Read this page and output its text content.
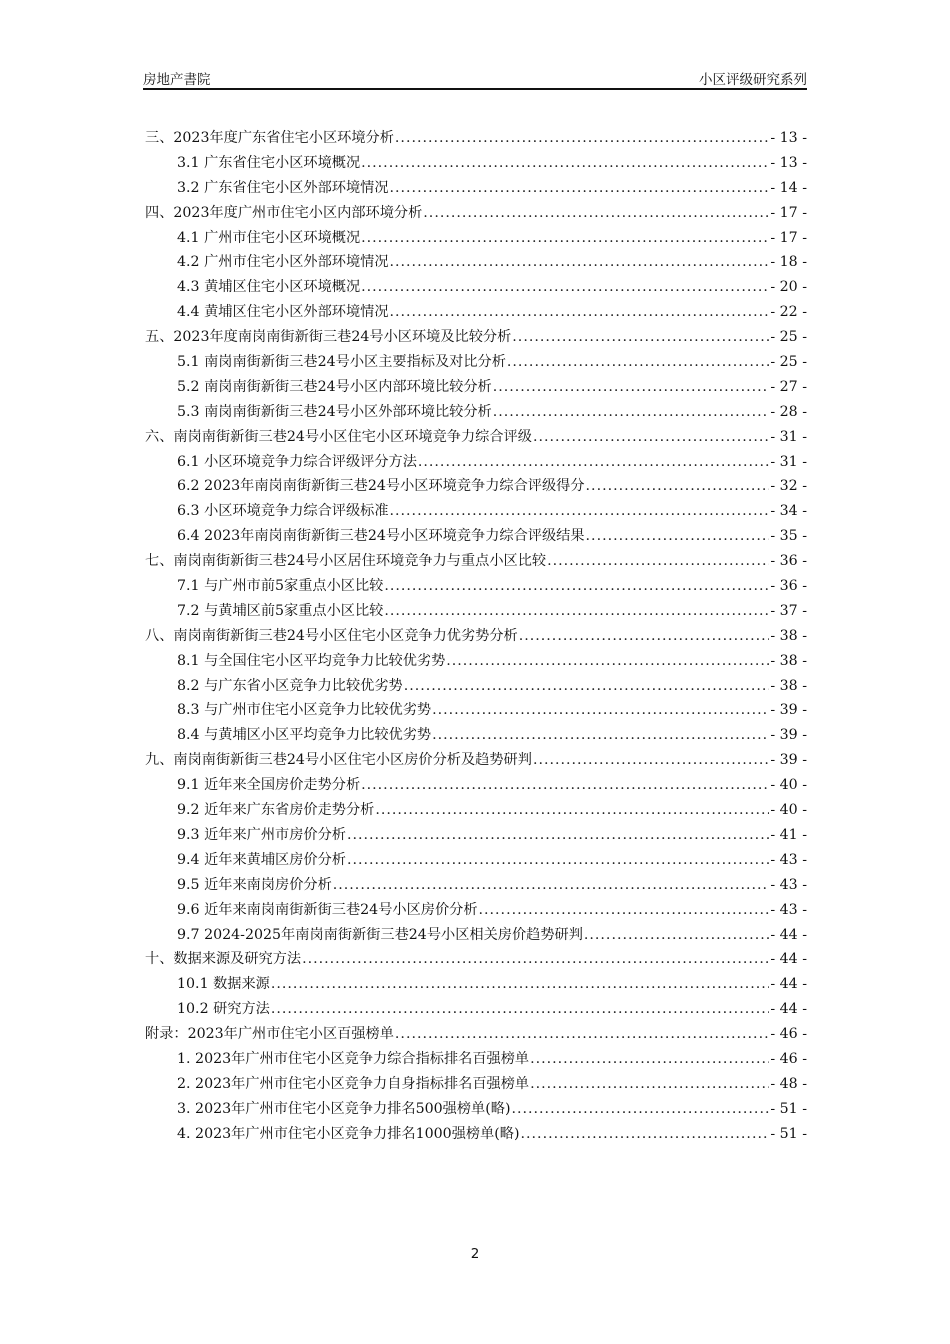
房地产書院	小区评级研究系列
三、2023年度广东省住宅小区环境分析 .....	- 13 -
3.1 广东省住宅小区环境概况 .....	- 13 -
3.2 广东省住宅小区外部环境情况 .....	- 14 -
四、2023年度广州市住宅小区内部环境分析 .....	- 17 -
4.1 广州市住宅小区环境概况 .....	- 17 -
4.2 广州市住宅小区外部环境情况 .....	- 18 -
4.3 黄埔区住宅小区环境概况 .....	- 20 -
4.4 黄埔区住宅小区外部环境情况 .....	- 22 -
五、2023年度南岗南街新街三巷24号小区环境及比较分析 .....	- 25 -
5.1 南岗南街新街三巷24号小区主要指标及对比分析 .....	- 25 -
5.2 南岗南街新街三巷24号小区内部环境比较分析 .....	- 27 -
5.3 南岗南街新街三巷24号小区外部环境比较分析 .....	- 28 -
六、南岗南街新街三巷24号小区住宅小区环境竞争力综合评级 .....	- 31 -
6.1 小区环境竞争力综合评级评分方法 .....	- 31 -
6.2 2023年南岗南街新街三巷24号小区环境竞争力综合评级得分 .....	- 32 -
6.3 小区环境竞争力综合评级标准 .....	- 34 -
6.4 2023年南岗南街新街三巷24号小区环境竞争力综合评级结果 .....	- 35 -
七、南岗南街新街三巷24号小区居住环境竞争力与重点小区比较 .....	- 36 -
7.1 与广州市前5家重点小区比较 .....	- 36 -
7.2 与黄埔区前5家重点小区比较 .....	- 37 -
八、南岗南街新街三巷24号小区住宅小区竞争力优劣势分析 .....	- 38 -
8.1 与全国住宅小区平均竞争力比较优劣势 .....	- 38 -
8.2 与广东省小区竞争力比较优劣势 .....	- 38 -
8.3 与广州市住宅小区竞争力比较优劣势 .....	- 39 -
8.4 与黄埔区小区平均竞争力比较优劣势 .....	- 39 -
九、南岗南街新街三巷24号小区住宅小区房价分析及趋势研判 .....	- 39 -
9.1 近年来全国房价走势分析 .....	- 40 -
9.2 近年来广东省房价走势分析 .....	- 40 -
9.3 近年来广州市房价分析 .....	- 41 -
9.4 近年来黄埔区房价分析 .....	- 43 -
9.5 近年来南岗房价分析 .....	- 43 -
9.6 近年来南岗南街新街三巷24号小区房价分析 .....	- 43 -
9.7 2024-2025年南岗南街新街三巷24号小区相关房价趋势研判 .....	- 44 -
十、数据来源及研究方法 .....	- 44 -
10.1 数据来源 .....	- 44 -
10.2 研究方法 .....	- 44 -
附录：2023年广州市住宅小区百强榜单 .....	- 46 -
1. 2023年广州市住宅小区竞争力综合指标排名百强榜单 .....	- 46 -
2. 2023年广州市住宅小区竞争力自身指标排名百强榜单 .....	- 48 -
3. 2023年广州市住宅小区竞争力排名500强榜单(略) .....	- 51 -
4. 2023年广州市住宅小区竞争力排名1000强榜单(略) .....	- 51 -
2
